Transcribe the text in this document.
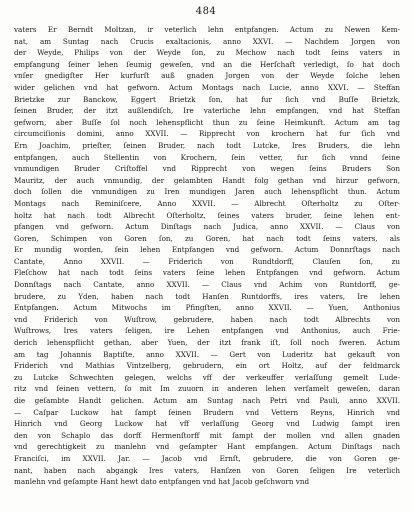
484
vaters Er Berndt Moltzan, ir veterlich lehn entpfangen. Actum zu Newen Kem-
nat, am Suntag nach Crucis exaltacionis, anno XXVI. — Nachdem Jorgen von
der Weyde, Philips von der Weyde ſon, zu Mechow nach todt ſeins vaters in
empfangung ſeiner lehen ſeumig geweſen, vnd an die Herſchaft verledigt, ſo hat doch
vnſer gnedigſter Her kurfurſt auß gnaden Jorgen von der Weyde ſolche lehen
wider gelichen vnd hat gefworn. Actum Montags nach Lucie, anno XXVI. — Steffan
Brietzke zur Banckow, Eggert Brietzk ſon, hat fur ſich vnd Buſſe Brietzk,
ſeinen Bruder, der itzt außlendiſch, Ire vaterliche lehn empfangen, vnd hat Steffan
gefworn, aber Buſſe ſol noch lehenspflicht thun zu ſeine Heimkunft. Actum am tag
circumciſionis domini, anno XXVII. — Ripprecht von krochern hat fur ſich vnd
Ern Joachim, prieſter, ſeinen Bruder, nach todt Lutcke, Ires Bruders, die lehn
entpfangen, auch Stellentin von Krochern, ſein vetter, fur ſich vnnd ſeine
vnmundigen Bruder Criſtoffel vnd Ripprecht von wegen ſeins Bruders Son
Mauritz, der auch vnmundig, der gelambten Handt folg gethan vnd hirzur gefworn,
doch ſollen die vnmundigen zu Iren mundigen Jaren auch lehenspflicht thun. Actum
Montags nach Reminiſcere, Anno XXVII. — Albrecht Oſterholtz zu Oſter-
holtz hat nach todt Albrecht Oſterholtz, ſeines vaters bruder, ſeine lehen ent-
pfangen vnd gefworn. Actum Dinſtags nach Judica, anno XXVII. — Claus von
Goren, Schimpen von Goren ſon, zu Goren, hat nach todt ſeins vaters, als
Er mundig worden, ſein lehen Entpfangen vnd gefworn. Actum Donnrſtags nach
Cantate, Anno XXVII. — Friderich von Rundtdorff, Clauſen ſon, zu
Fleſchow hat nach todt ſeins vaters ſeine lehen Entpfangen vnd gefworn. Actum
Donnſtags nach Cantate, anno XXVII. — Claus vnd Achim von Runtdorff, ge-
brudere, zu Yden, haben nach todt Hanſen Runtdorffs, ires vaters, Ire lehen
Entpfangen. Actum Mitwochs im Pfingſten, anno XXVII. — Yuen, Anthonius
vnd Friderich von Wuſtrow, gebrudere, haben nach todt Albrechts von
Wuſtrows, Ires vaters ſeligen, ire Lehen entpfangen vnd Anthonius, auch Frie-
derich lehenspflicht gethan, aber Yuen, der itzt frank iſt, ſoll noch ſweren. Actum
am tag Johannis Baptiſte, anno XXVII. — Gert von Luderitz hat gekauft von
Friderich vnd Mathias Vintzelberg, gebrudern, ein ort Holtz, auf der feldmarck
zu Lutcke Schwechten gelegen, welchs vff der verkeuffer verlaſſung gemelt Lude-
ritz vnd ſeinen vettern, ſo mit Im zuuorn in anderen lehen verſamelt geweſen, daran
die geſambte Handt gelichen. Actum am Suntag nach Petri vnd Pauli, anno XXVII.
— Caſpar Luckow hat ſampt ſeinen Brudern vnd Vettern Reyns, Hinrich vnd
Hinrich vnd Georg Luckow hat vff verlaſſung Georg vnd Ludwig ſampt iren
den von Schaplo das dorff Hermenſtorff mit ſampt der mollen vnd allen gnaden
vnd gerechtigkeit zu manlehn vnd geſampter Hant empfangen. Actum Dinſtags nach
Franciſci, im XXVII. Jar. — Jacob vnd Ernſt, gebrudere, die von Goren ge-
nant, haben nach abgangk Ires vaters, Hanſzen von Goren ſeligen Ire veterlich
manlehn vnd geſampte Hant hewt dato entpfangen vnd hat Jacob geſchworn vnd
